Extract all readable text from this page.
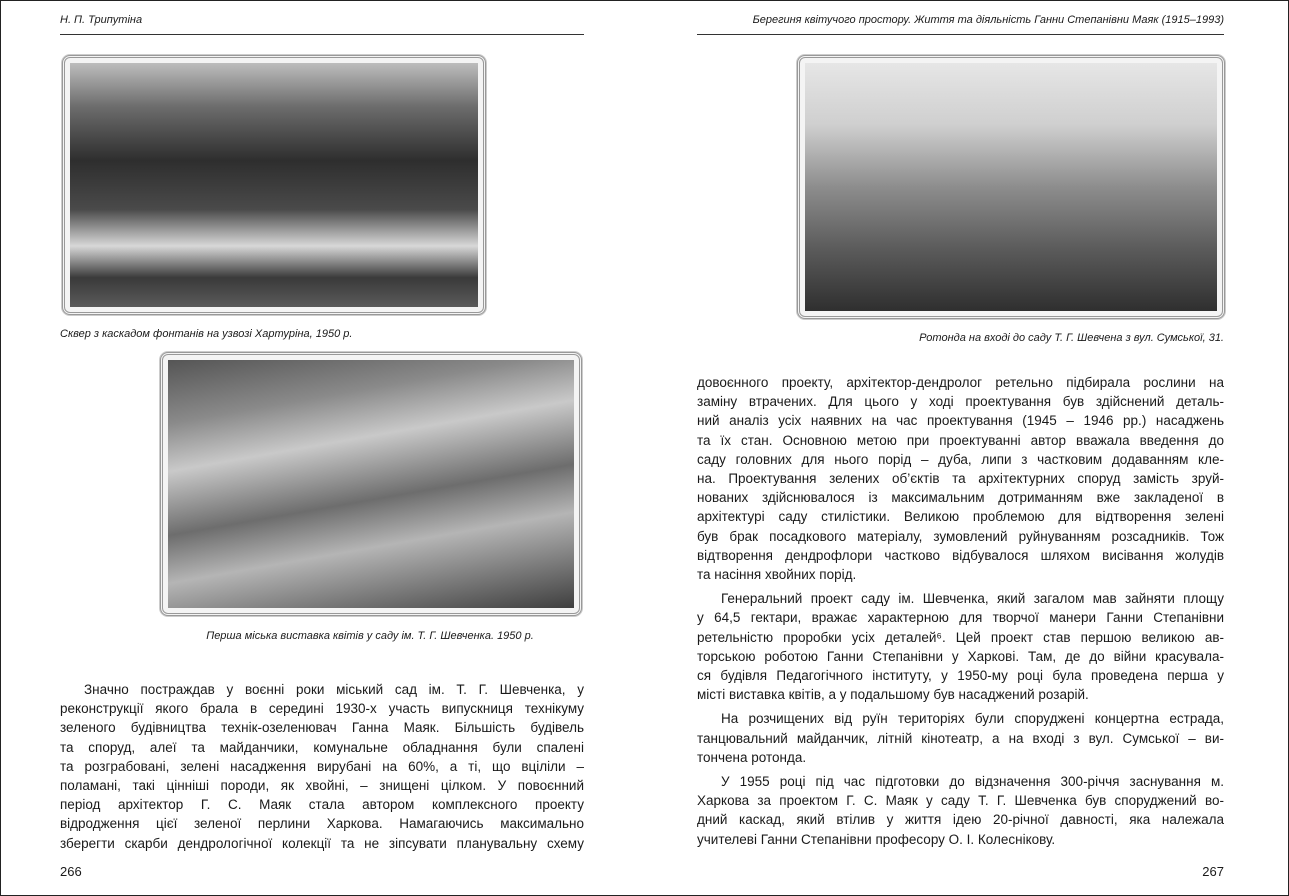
Н. П. Трипутіна
Сквер з каскадом фонтанів на узвозі Хартуріна, 1950 р.
Перша міська виставка квітів у саду ім. Т. Г. Шевченка. 1950 р.
Значно постраждав у воєнні роки міський сад ім. Т. Г. Шевченка, у
реконструкції якого брала в середині 1930-х участь випускниця технікуму
зеленого будівництва технік-озеленювач Ганна Маяк. Більшість будівель
та споруд, алеї та майданчики, комунальне обладнання були спалені
та розграбовані, зелені насадження вирубані на 60%, а ті, що вціліли –
поламані, такі цінніші породи, як хвойні, – знищені цілком. У повоєнний
період архітектор Г. С. Маяк стала автором комплексного проекту
відродження цієї зеленої перлини Харкова. Намагаючись максимально
зберегти скарби дендрологічної колекції та не зіпсувати планувальну схему
266
Берегиня квітучого простору. Життя та діяльність Ганни Степанівни Маяк (1915–1993)
Ротонда на вході до саду Т. Г. Шевчена з вул. Сумської, 31.
довоєнного проекту, архітектор-дендролог ретельно підбирала рослини на
заміну втрачених. Для цього у ході проектування був здійснений деталь-
ний аналіз усіх наявних на час проектування (1945 – 1946 рр.) насаджень
та їх стан. Основною метою при проектуванні автор вважала введення до
саду головних для нього порід – дуба, липи з частковим додаванням кле-
на. Проектування зелених об’єктів та архітектурних споруд замість зруй-
нованих здійснювалося із максимальним дотриманням вже закладеної в
архітектурі саду стилістики. Великою проблемою для відтворення зелені
був брак посадкового матеріалу, зумовлений руйнуванням розсадників. Тож
відтворення дендрофлори частково відбувалося шляхом висівання жолудів
та насіння хвойних порід.
Генеральний проект саду ім. Шевченка, який загалом мав зайняти площу
у 64,5 гектари, вражає характерною для творчої манери Ганни Степанівни
ретельністю проробки усіх деталей⁶. Цей проект став першою великою ав-
торською роботою Ганни Степанівни у Харкові. Там, де до війни красувала-
ся будівля Педагогічного інституту, у 1950-му році була проведена перша у
місті виставка квітів, а у подальшому був насаджений розарій.
На розчищених від руїн територіях були споруджені концертна естрада,
танцювальний майданчик, літній кінотеатр, а на вході з вул. Сумської – ви-
тончена ротонда.
У 1955 році під час підготовки до відзначення 300-річчя заснування м.
Харкова за проектом Г. С. Маяк у саду Т. Г. Шевченка був споруджений во-
дний каскад, який втілив у життя ідею 20-річної давності, яка належала
учителеві Ганни Степанівни професору О. І. Колеснікову.
267
